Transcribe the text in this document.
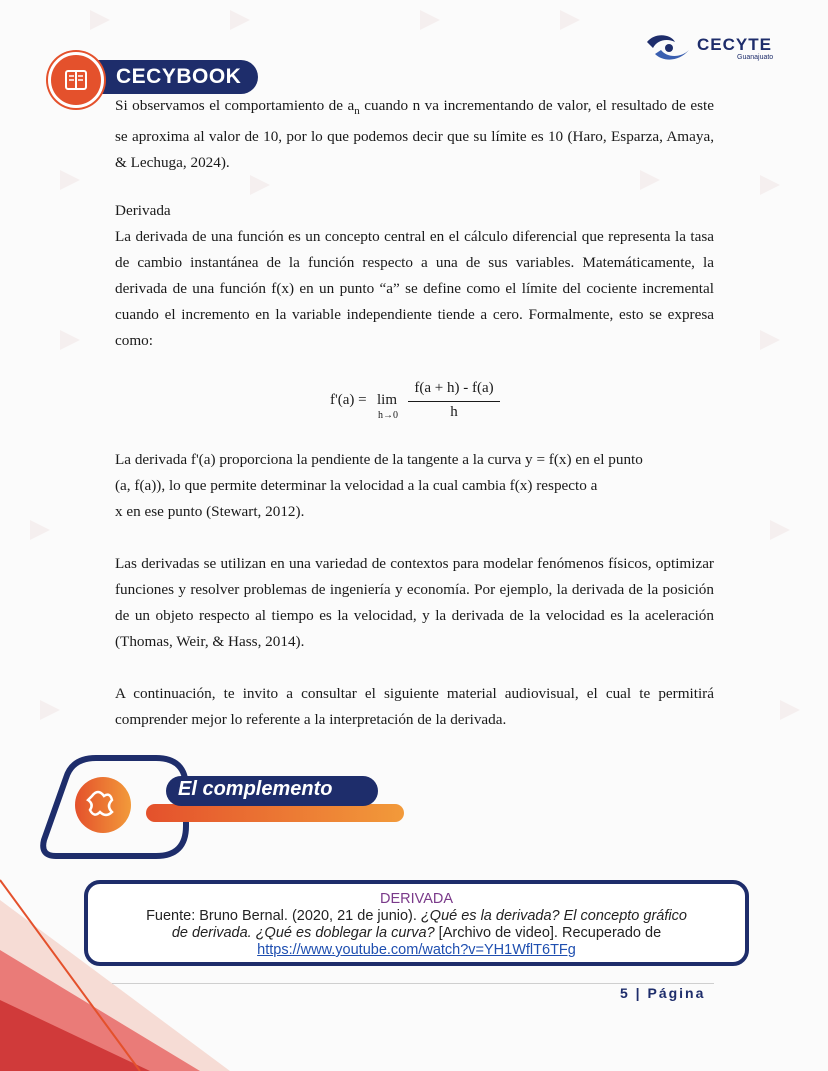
CECYBOOK
CECYTE
Guanajuato

Si observamos el comportamiento de $a_n$ cuando n va incrementando de valor, el resultado de este se aproxima al valor de 10, por lo que podemos decir que su límite es 10 (Haro, Esparza, Amaya, & Lechuga, 2024).

Derivada
La derivada de una función es un concepto central en el cálculo diferencial que representa la tasa de cambio instantánea de la función respecto a una de sus variables. Matemáticamente, la derivada de una función f(x) en un punto “a” se define como el límite del cociente incremental cuando el incremento en la variable independiente tiende a cero. Formalmente, esto se expresa como:
f'(a) = lim
h→0
f(a + h) - f(a)
h
La derivada f'(a) proporciona la pendiente de la tangente a la curva y = f(x) en el punto
(a, f(a)), lo que permite determinar la velocidad a la cual cambia f(x) respecto a
x en ese punto (Stewart, 2012).
Las derivadas se utilizan en una variedad de contextos para modelar fenómenos físicos, optimizar funciones y resolver problemas de ingeniería y economía. Por ejemplo, la derivada de la posición de un objeto respecto al tiempo es la velocidad, y la derivada de la velocidad es la aceleración (Thomas, Weir, & Hass, 2014).
A continuación, te invito a consultar el siguiente material audiovisual, el cual te permitirá comprender mejor lo referente a la interpretación de la derivada.
El complemento
DERIVADA
Fuente: Bruno Bernal. (2020, 21 de junio). ¿Qué es la derivada? El concepto gráfico
de derivada. ¿Qué es doblegar la curva? [Archivo de video]. Recuperado de
https://www.youtube.com/watch?v=YH1WflT6TFg
5 | Página
